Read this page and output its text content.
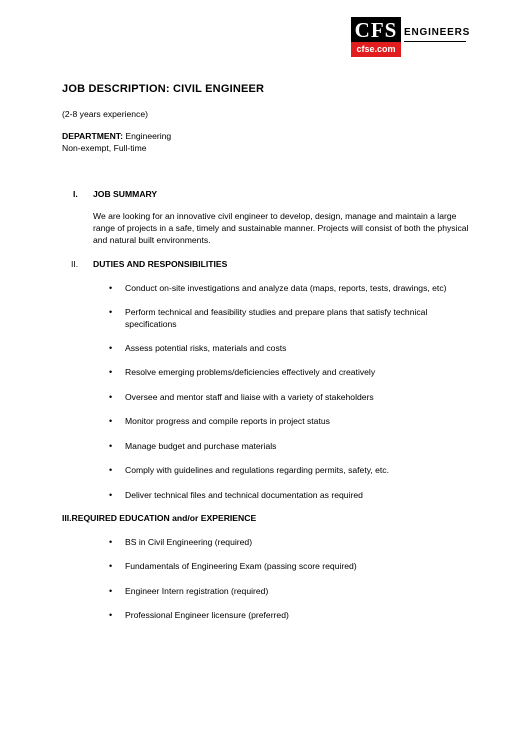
CFS
cfse.com
ENGINEERS
JOB DESCRIPTION: CIVIL ENGINEER
(2-8 years experience)
DEPARTMENT: Engineering
Non-exempt, Full-time
I. JOB SUMMARY
We are looking for an innovative civil engineer to develop, design, manage and maintain a large range of projects in a safe, timely and sustainable manner. Projects will consist of both the physical and natural built environments.
II. DUTIES AND RESPONSIBILITIES
• Conduct on-site investigations and analyze data (maps, reports, tests, drawings, etc)
• Perform technical and feasibility studies and prepare plans that satisfy technical specifications
• Assess potential risks, materials and costs
• Resolve emerging problems/deficiencies effectively and creatively
• Oversee and mentor staff and liaise with a variety of stakeholders
• Monitor progress and compile reports in project status
• Manage budget and purchase materials
• Comply with guidelines and regulations regarding permits, safety, etc.
• Deliver technical files and technical documentation as required
III.REQUIRED EDUCATION and/or EXPERIENCE
• BS in Civil Engineering (required)
• Fundamentals of Engineering Exam (passing score required)
• Engineer Intern registration (required)
• Professional Engineer licensure (preferred)
